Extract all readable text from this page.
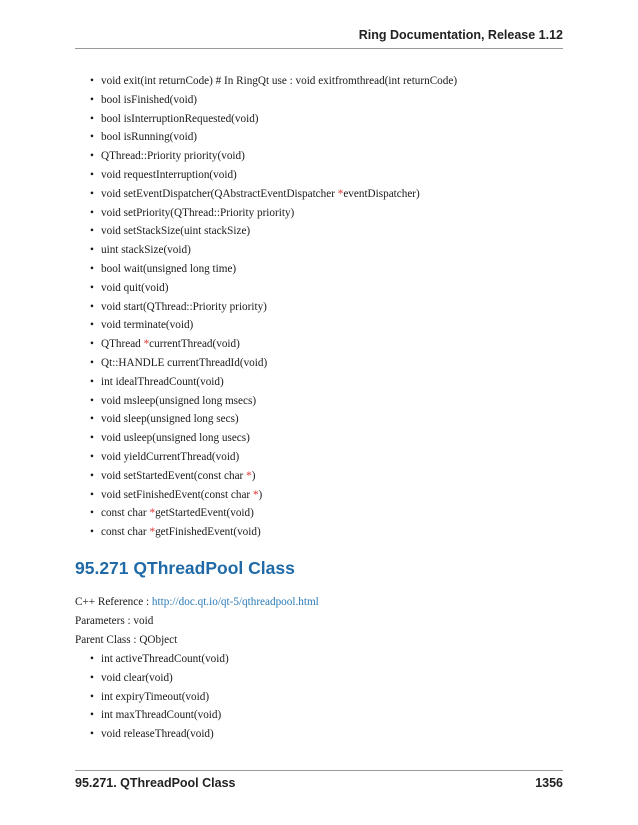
Ring Documentation, Release 1.12
• void exit(int returnCode) # In RingQt use : void exitfromthread(int returnCode)
• bool isFinished(void)
• bool isInterruptionRequested(void)
• bool isRunning(void)
• QThread::Priority priority(void)
• void requestInterruption(void)
• void setEventDispatcher(QAbstractEventDispatcher *eventDispatcher)
• void setPriority(QThread::Priority priority)
• void setStackSize(uint stackSize)
• uint stackSize(void)
• bool wait(unsigned long time)
• void quit(void)
• void start(QThread::Priority priority)
• void terminate(void)
• QThread *currentThread(void)
• Qt::HANDLE currentThreadId(void)
• int idealThreadCount(void)
• void msleep(unsigned long msecs)
• void sleep(unsigned long secs)
• void usleep(unsigned long usecs)
• void yieldCurrentThread(void)
• void setStartedEvent(const char *)
• void setFinishedEvent(const char *)
• const char *getStartedEvent(void)
• const char *getFinishedEvent(void)
95.271 QThreadPool Class
C++ Reference : http://doc.qt.io/qt-5/qthreadpool.html
Parameters : void
Parent Class : QObject
• int activeThreadCount(void)
• void clear(void)
• int expiryTimeout(void)
• int maxThreadCount(void)
• void releaseThread(void)
95.271. QThreadPool Class	1356
